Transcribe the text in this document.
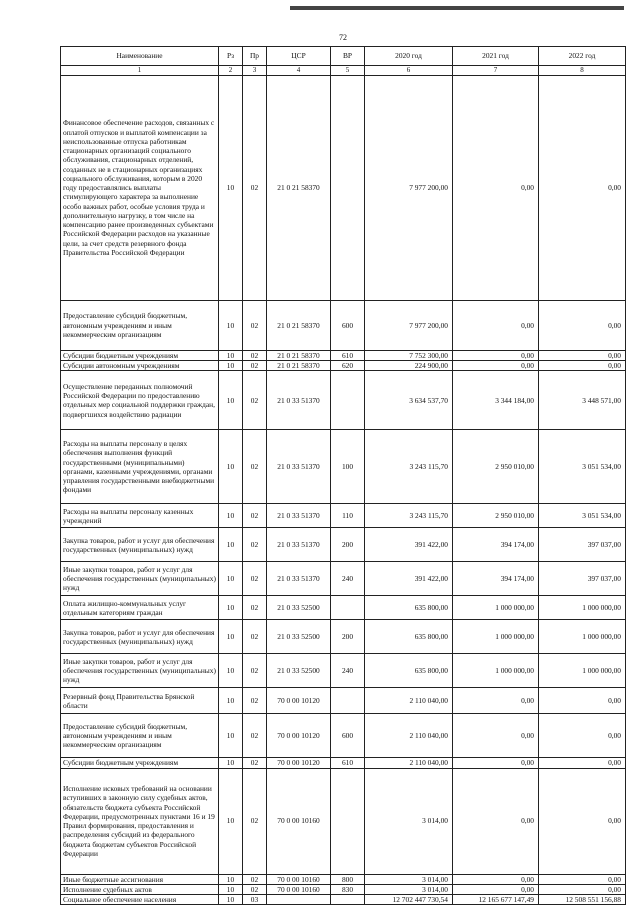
72
Наименование	Рз	Пр	ЦСР	ВР	2020 год	2021 год	2022 год
1	2	3	4	5	6	7	8
Финансовое обеспечение расходов, связанных с оплатой отпусков и выплатой компенсации за неиспользованные отпуска работникам стационарных организаций социального обслуживания, стационарных отделений, созданных не в стационарных организациях социального обслуживания, которым в 2020 году предоставлялись выплаты стимулирующего характера за выполнение особо важных работ, особые условия труда и дополнительную нагрузку, в том числе на компенсацию ранее произведенных субъектами Российской Федерации расходов на указанные цели, за счет средств резервного фонда Правительства Российской Федерации	10	02	21 0 21 58370		7 977 200,00	0,00	0,00
Предоставление субсидий бюджетным, автономным учреждениям и иным некоммерческим организациям	10	02	21 0 21 58370	600	7 977 200,00	0,00	0,00
Субсидии бюджетным учреждениям	10	02	21 0 21 58370	610	7 752 300,00	0,00	0,00
Субсидии автономным учреждениям	10	02	21 0 21 58370	620	224 900,00	0,00	0,00
Осуществление переданных полномочий Российской Федерации по предоставлению отдельных мер социальной поддержки граждан, подвергшихся воздействию радиации	10	02	21 0 33 51370		3 634 537,70	3 344 184,00	3 448 571,00
Расходы на выплаты персоналу в целях обеспечения выполнения функций государственными (муниципальными) органами, казенными учреждениями, органами управления государственными внебюджетными фондами	10	02	21 0 33 51370	100	3 243 115,70	2 950 010,00	3 051 534,00
Расходы на выплаты персоналу казенных учреждений	10	02	21 0 33 51370	110	3 243 115,70	2 950 010,00	3 051 534,00
Закупка товаров, работ и услуг для обеспечения государственных (муниципальных) нужд	10	02	21 0 33 51370	200	391 422,00	394 174,00	397 037,00
Иные закупки товаров, работ и услуг для обеспечения государственных (муниципальных) нужд	10	02	21 0 33 51370	240	391 422,00	394 174,00	397 037,00
Оплата жилищно-коммунальных услуг отдельным категориям граждан	10	02	21 0 33 52500		635 800,00	1 000 000,00	1 000 000,00
Закупка товаров, работ и услуг для обеспечения государственных (муниципальных) нужд	10	02	21 0 33 52500	200	635 800,00	1 000 000,00	1 000 000,00
Иные закупки товаров, работ и услуг для обеспечения государственных (муниципальных) нужд	10	02	21 0 33 52500	240	635 800,00	1 000 000,00	1 000 000,00
Резервный фонд Правительства Брянской области	10	02	70 0 00 10120		2 110 040,00	0,00	0,00
Предоставление субсидий бюджетным, автономным учреждениям и иным некоммерческим организациям	10	02	70 0 00 10120	600	2 110 040,00	0,00	0,00
Субсидии бюджетным учреждениям	10	02	70 0 00 10120	610	2 110 040,00	0,00	0,00
Исполнение исковых требований на основании вступивших в законную силу судебных актов, обязательств бюджета субъекта Российской Федерации, предусмотренных пунктами 16 и 19 Правил формирования, предоставления и распределения субсидий из федерального бюджета бюджетам субъектов Российской Федерации	10	02	70 0 00 10160		3 014,00	0,00	0,00
Иные бюджетные ассигнования	10	02	70 0 00 10160	800	3 014,00	0,00	0,00
Исполнение судебных актов	10	02	70 0 00 10160	830	3 014,00	0,00	0,00
Социальное обеспечение населения	10	03			12 702 447 730,54	12 165 677 147,49	12 508 551 156,88
